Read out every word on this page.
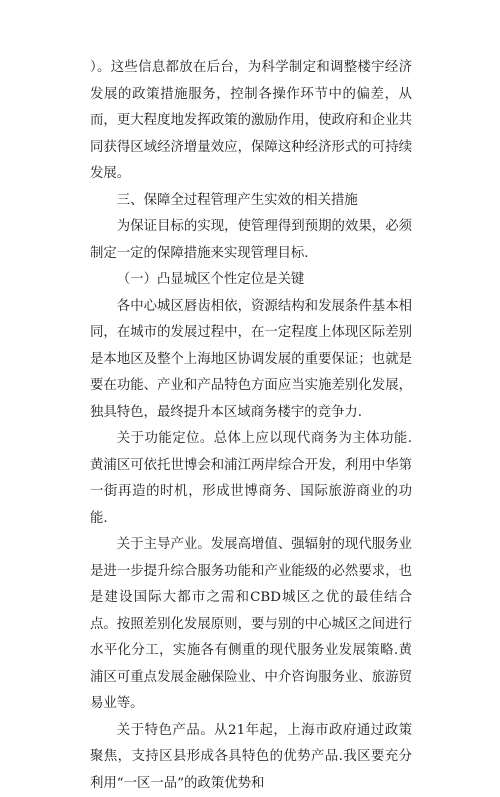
）。这些信息都放在后台，为科学制定和调整楼宇经济发展的政策措施服务，控制各操作环节中的偏差，从而，更大程度地发挥政策的激励作用，使政府和企业共同获得区域经济增量效应，保障这种经济形式的可持续发展。

三、保障全过程管理产生实效的相关措施

为保证目标的实现，使管理得到预期的效果，必须制定一定的保障措施来实现管理目标.

（一）凸显城区个性定位是关键

各中心城区唇齿相依，资源结构和发展条件基本相同，在城市的发展过程中，在一定程度上体现区际差别是本地区及整个上海地区协调发展的重要保证；也就是要在功能、产业和产品特色方面应当实施差别化发展，独具特色，最终提升本区域商务楼宇的竞争力.

关于功能定位。总体上应以现代商务为主体功能.黄浦区可依托世博会和浦江两岸综合开发，利用中华第一街再造的时机，形成世博商务、国际旅游商业的功能.

关于主导产业。发展高增值、强辐射的现代服务业是进一步提升综合服务功能和产业能级的必然要求，也是建设国际大都市之需和CBD城区之优的最佳结合点。按照差别化发展原则，要与别的中心城区之间进行水平化分工，实施各有侧重的现代服务业发展策略.黄浦区可重点发展金融保险业、中介咨询服务业、旅游贸易业等。

关于特色产品。从21年起，上海市政府通过政策聚焦，支持区县形成各具特色的优势产品.我区要充分利用“一区一品”的政策优势和
